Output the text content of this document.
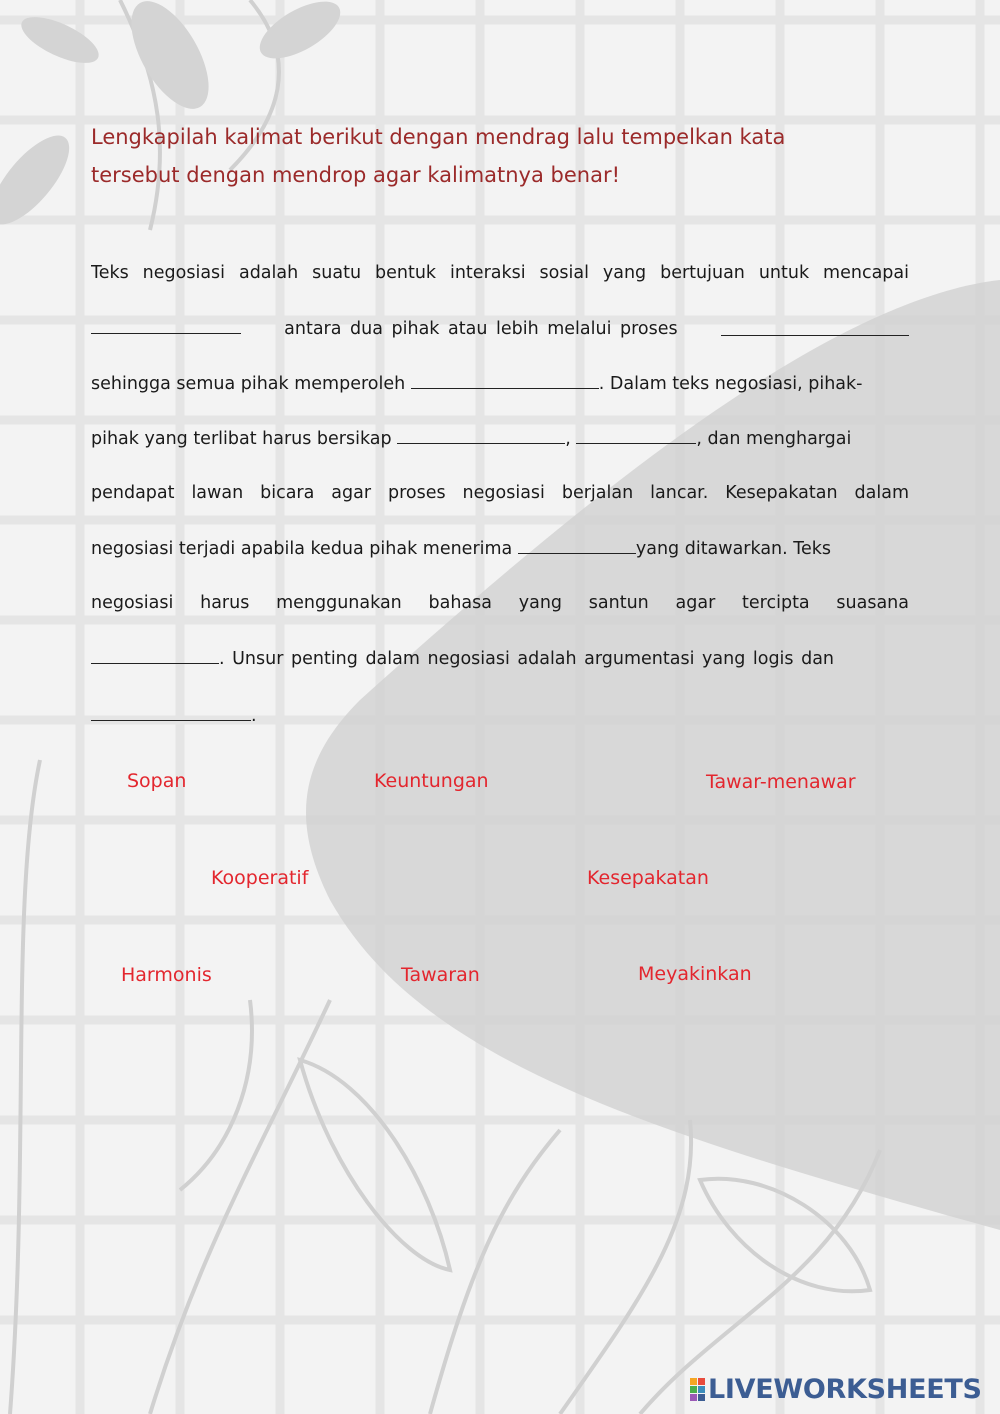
Lengkapilah kalimat berikut dengan mendrag lalu tempelkan kata
tersebut dengan mendrop agar kalimatnya benar!
Teks negosiasi adalah suatu bentuk interaksi sosial yang bertujuan untuk mencapai
antara dua pihak atau lebih melalui proses
sehingga semua pihak memperoleh	. Dalam teks negosiasi, pihak-
pihak yang terlibat harus bersikap	,	, dan menghargai
pendapat lawan bicara agar proses negosiasi berjalan lancar. Kesepakatan dalam
negosiasi terjadi apabila kedua pihak menerima	yang ditawarkan. Teks
negosiasi harus menggunakan bahasa yang santun agar tercipta suasana
. Unsur penting dalam negosiasi adalah argumentasi yang logis dan
.
Sopan	Keuntungan	Tawar-menawar
Kooperatif	Kesepakatan
Harmonis	Tawaran	Meyakinkan
LIVEWORKSHEETS
